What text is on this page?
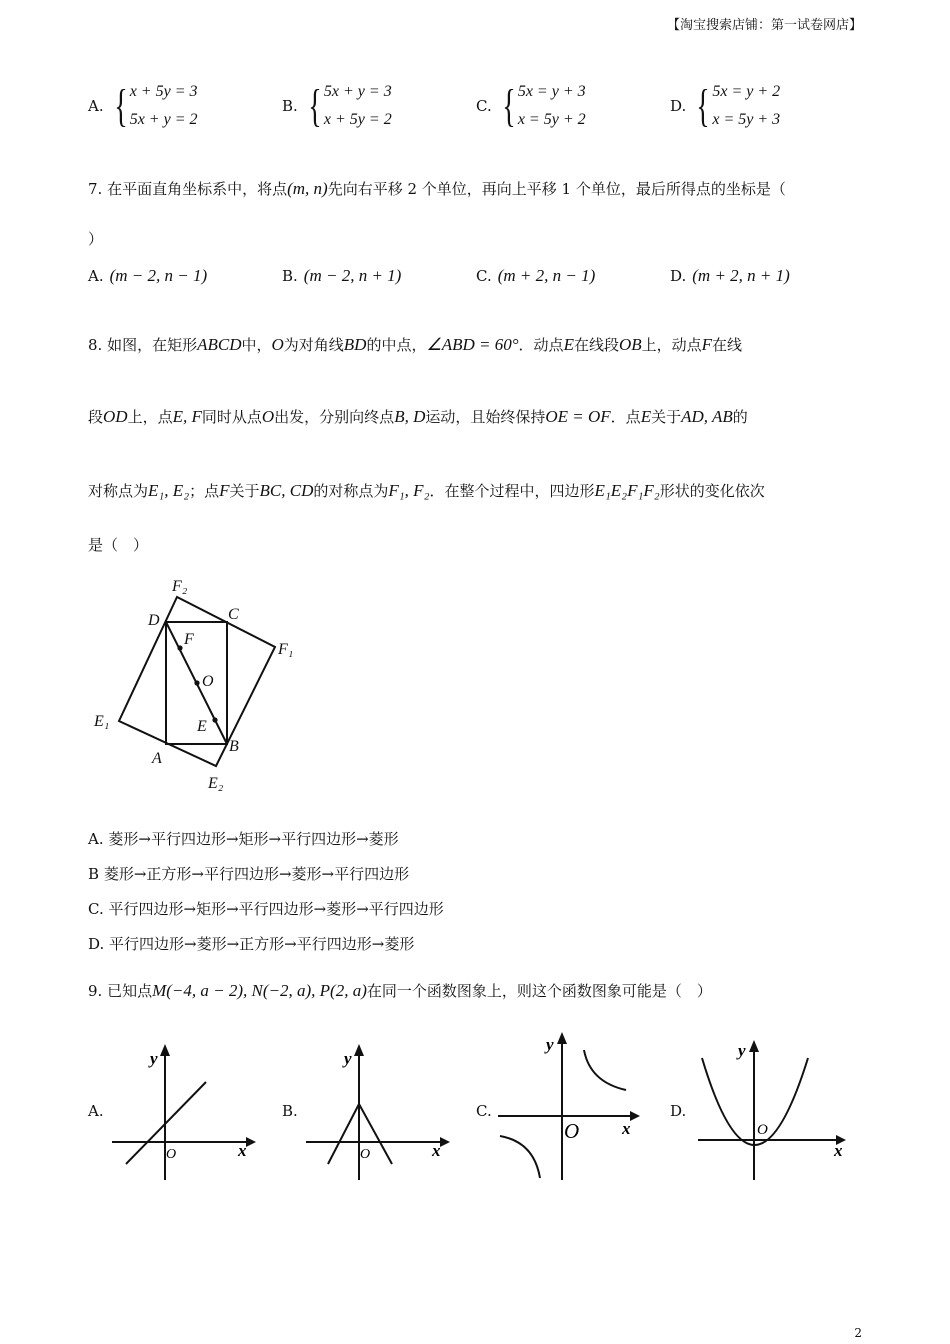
【淘宝搜索店铺：第一试卷网店】
A. { x + 5y = 3
5x + y = 2
B. { 5x + y = 3
x + 5y = 2
C. { 5x = y + 3
x = 5y + 2
D. { 5x = y + 2
x = 5y + 3
7. 在平面直角坐标系中，将点(m, n)先向右平移 2 个单位，再向上平移 1 个单位，最后所得点的坐标是（
）
A. (m − 2, n − 1)	B. (m − 2, n + 1)	C. (m + 2, n − 1)	D. (m + 2, n + 1)
8. 如图，在矩形ABCD中，O为对角线BD的中点，∠ABD = 60°．动点E在线段OB上，动点F在线
段OD上，点E, F同时从点O出发，分别向终点B, D运动，且始终保持OE = OF．点E关于AD, AB的
对称点为E₁, E₂；点F关于BC, CD的对称点为F₁, F₂．在整个过程中，四边形E₁E₂F₁F₂形状的变化依次
是（　）
F₂
D	C
F
F₁
O
E₁	E
B
A
E₂
A. 菱形→平行四边形→矩形→平行四边形→菱形
B 菱形→正方形→平行四边形→菱形→平行四边形
C. 平行四边形→矩形→平行四边形→菱形→平行四边形
D. 平行四边形→菱形→正方形→平行四边形→菱形
9. 已知点M(−4, a − 2), N(−2, a), P(2, a)在同一个函数图象上，则这个函数图象可能是（　）
A.	B.	C.	D.
x
y
O	x
y
O
x
y
O
x
y
O
2
